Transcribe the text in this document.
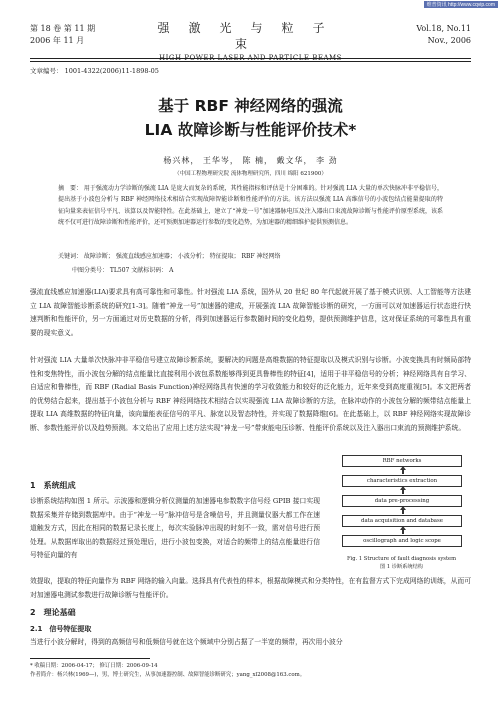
维普资讯 http://www.cqvip.com
第 18 卷 第 11 期
2006 年 11 月
强激光与粒子束
HIGH POWER LASER AND PARTICLE BEAMS
Vol.18, No.11
Nov., 2006
文章编号： 1001-4322(2006)11-1898-05
基于 RBF 神经网络的强流
LIA 故障诊断与性能评价技术*
杨兴林， 王华岑， 陈 楠， 戴文华， 李 劲
（中国工程物理研究院 流体物理研究所，四川 绵阳 621900）
摘　要： 用于强流动力学诊断的强流 LIA 是庞大而复杂的系统，其性能指标和评估是十分困难的。针对强流 LIA 大量的单次快脉冲非平稳信号，提出基于小波包分析与 RBF 神经网络技术相结合实现故障智能诊断和性能评价的方法。该方法以强流 LIA 高维信号的小波包结点能量提取的特征向量来表征信号平凡、该算以及智能特性。在此基础上，建立了“神龙一号”加速器脉电压及注入器出口束流故障诊断与性能评价原型系统，该系统不仅可进行故障诊断和性能评价，还可预测加速器运行参数的变化趋势，为加速器的精细维护提供预测信息。
关键词： 故障诊断； 强流直线感应加速器； 小波分析； 特征提取； RBF 神经网络
中图分类号： TL507 文献标识码： A
强流直线感应加速器(LIA)要求具有高可靠性和可靠性。针对强流 LIA 系统，国外从 20 世纪 80 年代起就开展了基于模式识别、人工智能等方法建立 LIA 故障智能诊断系统的研究[1-3]。随着“神龙一号”加速器的建成，开展强流 LIA 故障智能诊断的研究，一方面可以对加速器运行状态进行快速判断和性能评价，另一方面通过对历史数据的分析，得到加速器运行参数随时间的变化趋势，提供预测维护信息，这对保证系统的可靠性具有重要的现实意义。
针对强流 LIA 大量单次快脉冲非平稳信号建立故障诊断系统，要解决的问题是高维数据的特征提取以及模式识别与诊断。小波变换具有时频局部特性和变焦特性，而小波包分解的结点能量比直接利用小波包系数能够得到更具鲁棒性的特征[4]，适用于非平稳信号的分析；神经网络具有自学习、自适应和鲁棒性，而 RBF (Radial Basis Function)神经网络具有快速的学习收敛能力和较好的泛化能力，近年来受到高度重视[5]。本文把两者的优势结合起来，提出基于小波包分析与 RBF 神经网络技术相结合以实现强流 LIA 故障诊断的方法，在脉冲动作的小波包分解的频带结点能量上提取 LIA 高维数据的特征向量，该向量能表征信号的平凡、脉宽以及智态特性，并实现了数据降维[6]。在此基础上，以 RBF 神经网络实现故障诊断、参数性能评价以及趋势预测。本文给出了应用上述方法实现“神龙一号”带束能电压诊断、性能评价系统以及注入器出口束流的预测维护系统。
1　系统组成
诊断系统结构如图 1 所示。示波器和逻辑分析仪测量的加速器电参数数字信号经 GPIB 接口实现数据采集并存储到数据库中。由于“神龙一号”脉冲信号是含噪信号，并且测量仪器大都工作在速道触发方式，因此在相同的数据记录长度上，每次实验脉冲出现的时刻不一致，需对信号进行预处理。从数据库取出的数据经过预处理后，进行小波包变换，对适合的频带上的结点能量进行信号特征向量的有
RBF networks
characteristics extraction
data pre-processing
data acquisition and database
oscillograph and logic scope
Fig. 1 Structure of fault diagnosis system
图 1 诊断系统结构
效提取，提取的特征向量作为 RBF 网络的输入向量。选择具有代表性的样本，根据故障模式和分类特性，在有监督方式下完成网络的训练，从而可对加速器电测试参数进行故障诊断与性能评价。
2　理论基础
2.1　信号特征提取
当进行小波分解时，得到的高频信号和低频信号就在这个频域中分别占据了一半宽的频带，再次用小波分
* 收稿日期：2006-04-17； 修订日期：2006-09-14
作者简介：杨兴林(1969—)，男，博士研究生，从事加速器控制、故障智能诊断研究；yang_xl2008@163.com。
